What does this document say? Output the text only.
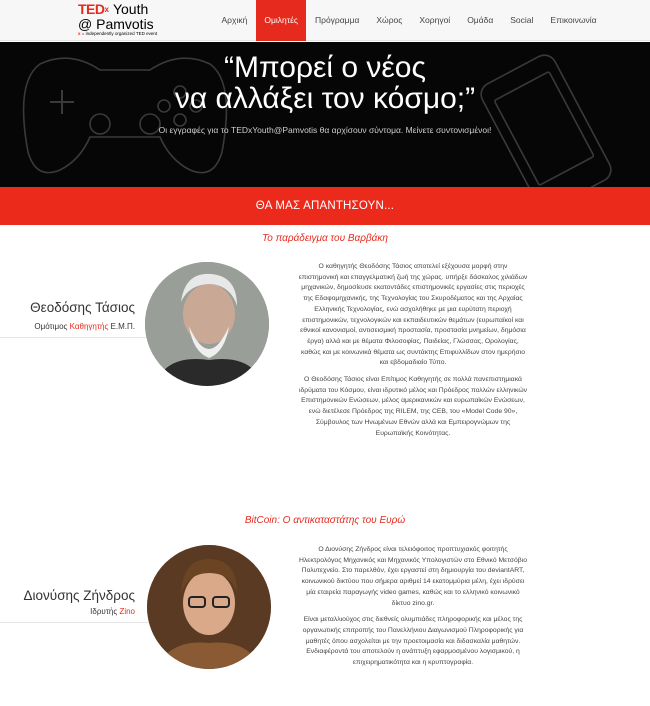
TED$^x$ Youth
@ Pamvotis
x = independently organized TED event
Αρχική	Ομιλητές	Πρόγραμμα	Χώρος	Χορηγοί	Ομάδα	Social	Επικοινωνία
“Μπορεί ο νέος
να αλλάξει τον κόσμο;”

Οι εγγραφές για το TEDxYouth@Pamvotis θα αρχίσουν σύντομα. Μείνετε συντονισμένοι!

ΘΑ ΜΑΣ ΑΠΑΝΤΗΣΟΥΝ...
Το παράδειγμα του Βαρβάκη
Θεοδόσης Τάσιος
Ομότιμος Καθηγητής Ε.Μ.Π.

Ο καθηγητής Θεοδόσης Τάσιος αποτελεί εξέχουσα μορφή στην επιστημονική και επαγγελματική ζωή της χώρας. υπήρξε δάσκαλος χιλιάδων μηχανικών, δημοσίευσε εκατοντάδες επιστημονικές εργασίες στις περιοχές της Εδαφομηχανικής, της Τεχνολογίας του Σκυροδέματος και της Αρχαίας Ελληνικής Τεχνολογίας, ενώ ασχολήθηκε με μια ευρύτατη περιοχή επιστημονικών, τεχνολογικών και εκπαιδευτικών θεμάτων (ευρωπαϊκοί και εθνικοί κανονισμοί, αντισεισμική προστασία, προστασία μνημείων, δημόσια έργα) αλλά και με θέματα Φιλοσοφίας, Παιδείας, Γλώσσας, Ορολογίας, καθώς και με κοινωνικά θέματα ως συντάκτης Επιφυλλίδων στον ημερήσιο και εβδομαδιαίο Τύπο.

Ο Θεοδόσης Τάσιος είναι Επίτιμος Καθηγητής σε πολλά πανεπιστημιακά ιδρύματα του Κόσμου, είναι ιδρυτικό μέλος και Πρόεδρος πολλών ελληνικών Επιστημονικών Ενώσεων, μέλος αμερικανικών και ευρωπαϊκών Ενώσεων, ενώ διετέλεσε Πρόεδρος της RILEM, της CEB, του «Model Code 90», Σύμβουλος των Ηνωμένων Εθνών αλλά και Εμπειρογνώμων της Ευρωπαϊκής Κοινότητας.

BitCoin: Ο αντικαταστάτης του Ευρώ
Διονύσης Ζήνδρος
Ιδρυτής Zino

Ο Διονύσης Ζήνδρος είναι τελειόφοιτος προπτυχιακός φοιτητής Ηλεκτρολόγος Μηχανικός και Μηχανικός Υπολογιστών στο Εθνικό Μετσόβιο Πολυτεχνείο. Στο παρελθόν, έχει εργαστεί στη δημιουργία του deviantART, κοινωνικού δικτύου που σήμερα αριθμεί 14 εκατομμύρια μέλη, έχει ιδρύσει μία εταιρεία παραγωγής video games, καθώς και το ελληνικό κοινωνικό δίκτυο zino.gr.

Είναι μεταλλιούχος στις διεθνείς ολυμπιάδες πληροφορικής και μέλος της οργανωτικής επιτροπής του Πανελλήνιου Διαγωνισμού Πληροφορικής για μαθητές όπου ασχολείται με την προετοιμασία και διδασκαλία μαθητών. Ενδιαφέροντά του αποτελούν η ανάπτυξη εφαρμοσμένου λογισμικού, η επιχειρηματικότητα και η κρυπτογραφία.
